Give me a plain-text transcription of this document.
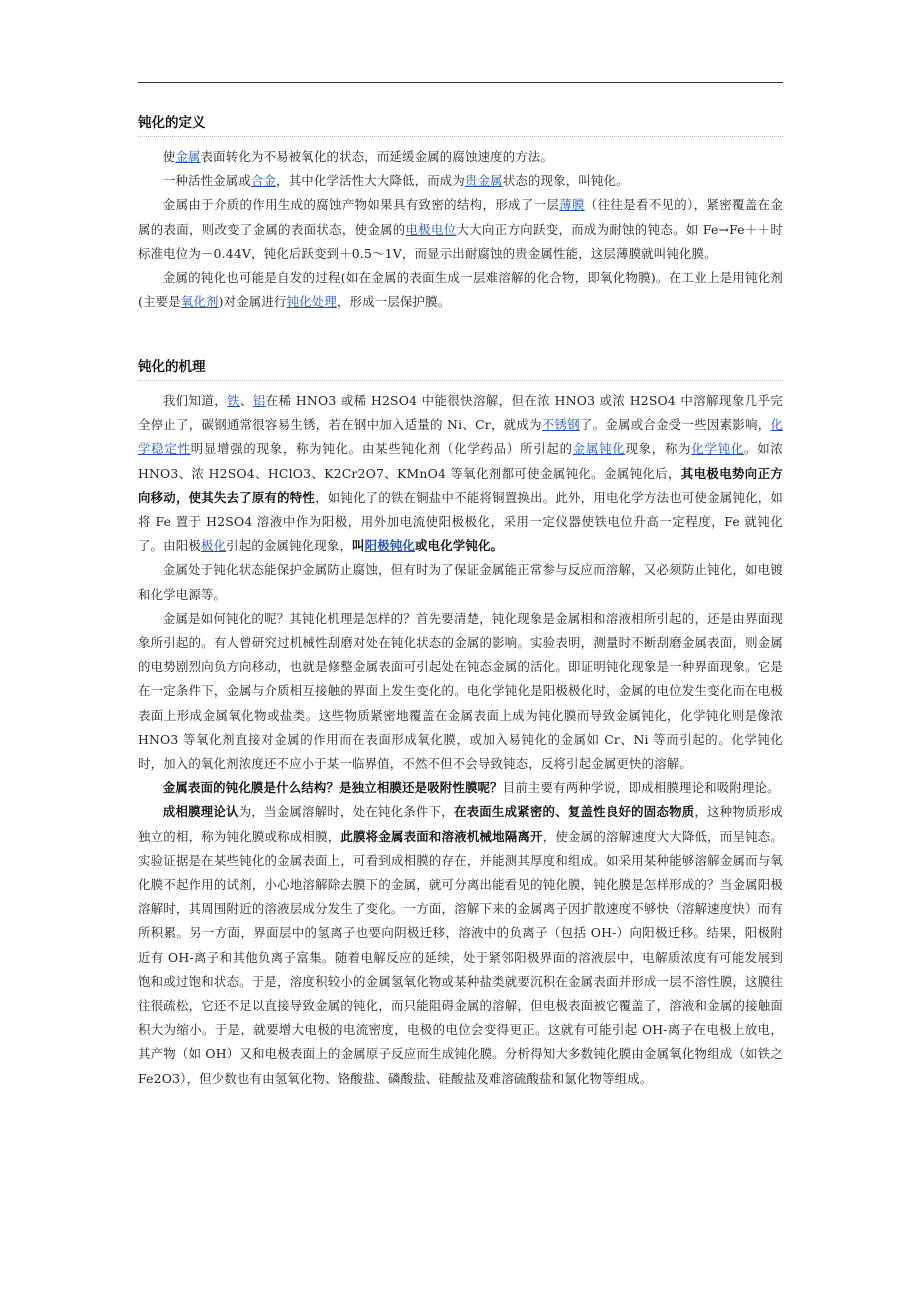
钝化的定义

使金属表面转化为不易被氧化的状态，而延缓金属的腐蚀速度的方法。

一种活性金属或合金，其中化学活性大大降低，而成为贵金属状态的现象，叫钝化。

金属由于介质的作用生成的腐蚀产物如果具有致密的结构，形成了一层薄膜（往往是看不见的），紧密覆盖在金属的表面，则改变了金属的表面状态，使金属的电极电位大大向正方向跃变，而成为耐蚀的钝态。如 Fe→Fe＋＋时标准电位为－0.44V，钝化后跃变到＋0.5～1V，而显示出耐腐蚀的贵金属性能，这层薄膜就叫钝化膜。

金属的钝化也可能是自发的过程(如在金属的表面生成一层难溶解的化合物，即氧化物膜)。在工业上是用钝化剂(主要是氧化剂)对金属进行钝化处理，形成一层保护膜。

钝化的机理

我们知道，铁、铝在稀 HNO3 或稀 H2SO4 中能很快溶解，但在浓 HNO3 或浓 H2SO4 中溶解现象几乎完全停止了，碳钢通常很容易生锈，若在钢中加入适量的 Ni、Cr，就成为不锈钢了。金属或合金受一些因素影响，化学稳定性明显增强的现象，称为钝化。由某些钝化剂（化学药品）所引起的金属钝化现象，称为化学钝化。如浓 HNO3、浓 H2SO4、HClO3、K2Cr2O7、KMnO4 等氧化剂都可使金属钝化。金属钝化后，其电极电势向正方向移动，使其失去了原有的特性，如钝化了的铁在铜盐中不能将铜置换出。此外，用电化学方法也可使金属钝化，如将 Fe 置于 H2SO4 溶液中作为阳极，用外加电流使阳极极化，采用一定仪器使铁电位升高一定程度，Fe 就钝化了。由阳极极化引起的金属钝化现象，叫阳极钝化或电化学钝化。

金属处于钝化状态能保护金属防止腐蚀，但有时为了保证金属能正常参与反应而溶解，又必须防止钝化，如电镀和化学电源等。

金属是如何钝化的呢？其钝化机理是怎样的？首先要清楚，钝化现象是金属相和溶液相所引起的，还是由界面现象所引起的。有人曾研究过机械性刮磨对处在钝化状态的金属的影响。实验表明，测量时不断刮磨金属表面，则金属的电势剧烈向负方向移动，也就是修整金属表面可引起处在钝态金属的活化。即证明钝化现象是一种界面现象。它是在一定条件下，金属与介质相互接触的界面上发生变化的。电化学钝化是阳极极化时，金属的电位发生变化而在电极表面上形成金属氧化物或盐类。这些物质紧密地覆盖在金属表面上成为钝化膜而导致金属钝化，化学钝化则是像浓 HNO3 等氧化剂直接对金属的作用而在表面形成氧化膜，或加入易钝化的金属如 Cr、Ni 等而引起的。化学钝化时，加入的氧化剂浓度还不应小于某一临界值，不然不但不会导致钝态，反将引起金属更快的溶解。

金属表面的钝化膜是什么结构？是独立相膜还是吸附性膜呢？目前主要有两种学说，即成相膜理论和吸附理论。

成相膜理论认为，当金属溶解时，处在钝化条件下，在表面生成紧密的、复盖性良好的固态物质，这种物质形成独立的相，称为钝化膜或称成相膜，此膜将金属表面和溶液机械地隔离开，使金属的溶解速度大大降低，而呈钝态。实验证据是在某些钝化的金属表面上，可看到成相膜的存在，并能测其厚度和组成。如采用某种能够溶解金属而与氧化膜不起作用的试剂，小心地溶解除去膜下的金属，就可分离出能看见的钝化膜，钝化膜是怎样形成的？当金属阳极溶解时，其周围附近的溶液层成分发生了变化。一方面，溶解下来的金属离子因扩散速度不够快（溶解速度快）而有所积累。另一方面，界面层中的氢离子也要向阴极迁移，溶液中的负离子（包括 OH-）向阳极迁移。结果，阳极附近有 OH-离子和其他负离子富集。随着电解反应的延续，处于紧邻阳极界面的溶液层中，电解质浓度有可能发展到饱和或过饱和状态。于是，溶度积较小的金属氢氧化物或某种盐类就要沉积在金属表面并形成一层不溶性膜，这膜往往很疏松，它还不足以直接导致金属的钝化，而只能阻碍金属的溶解，但电极表面被它覆盖了，溶液和金属的接触面积大为缩小。于是，就要增大电极的电流密度，电极的电位会变得更正。这就有可能引起 OH-离子在电极上放电，其产物（如 OH）又和电极表面上的金属原子反应而生成钝化膜。分析得知大多数钝化膜由金属氧化物组成（如铁之 Fe2O3），但少数也有由氢氧化物、铬酸盐、磷酸盐、硅酸盐及难溶硫酸盐和氯化物等组成。
